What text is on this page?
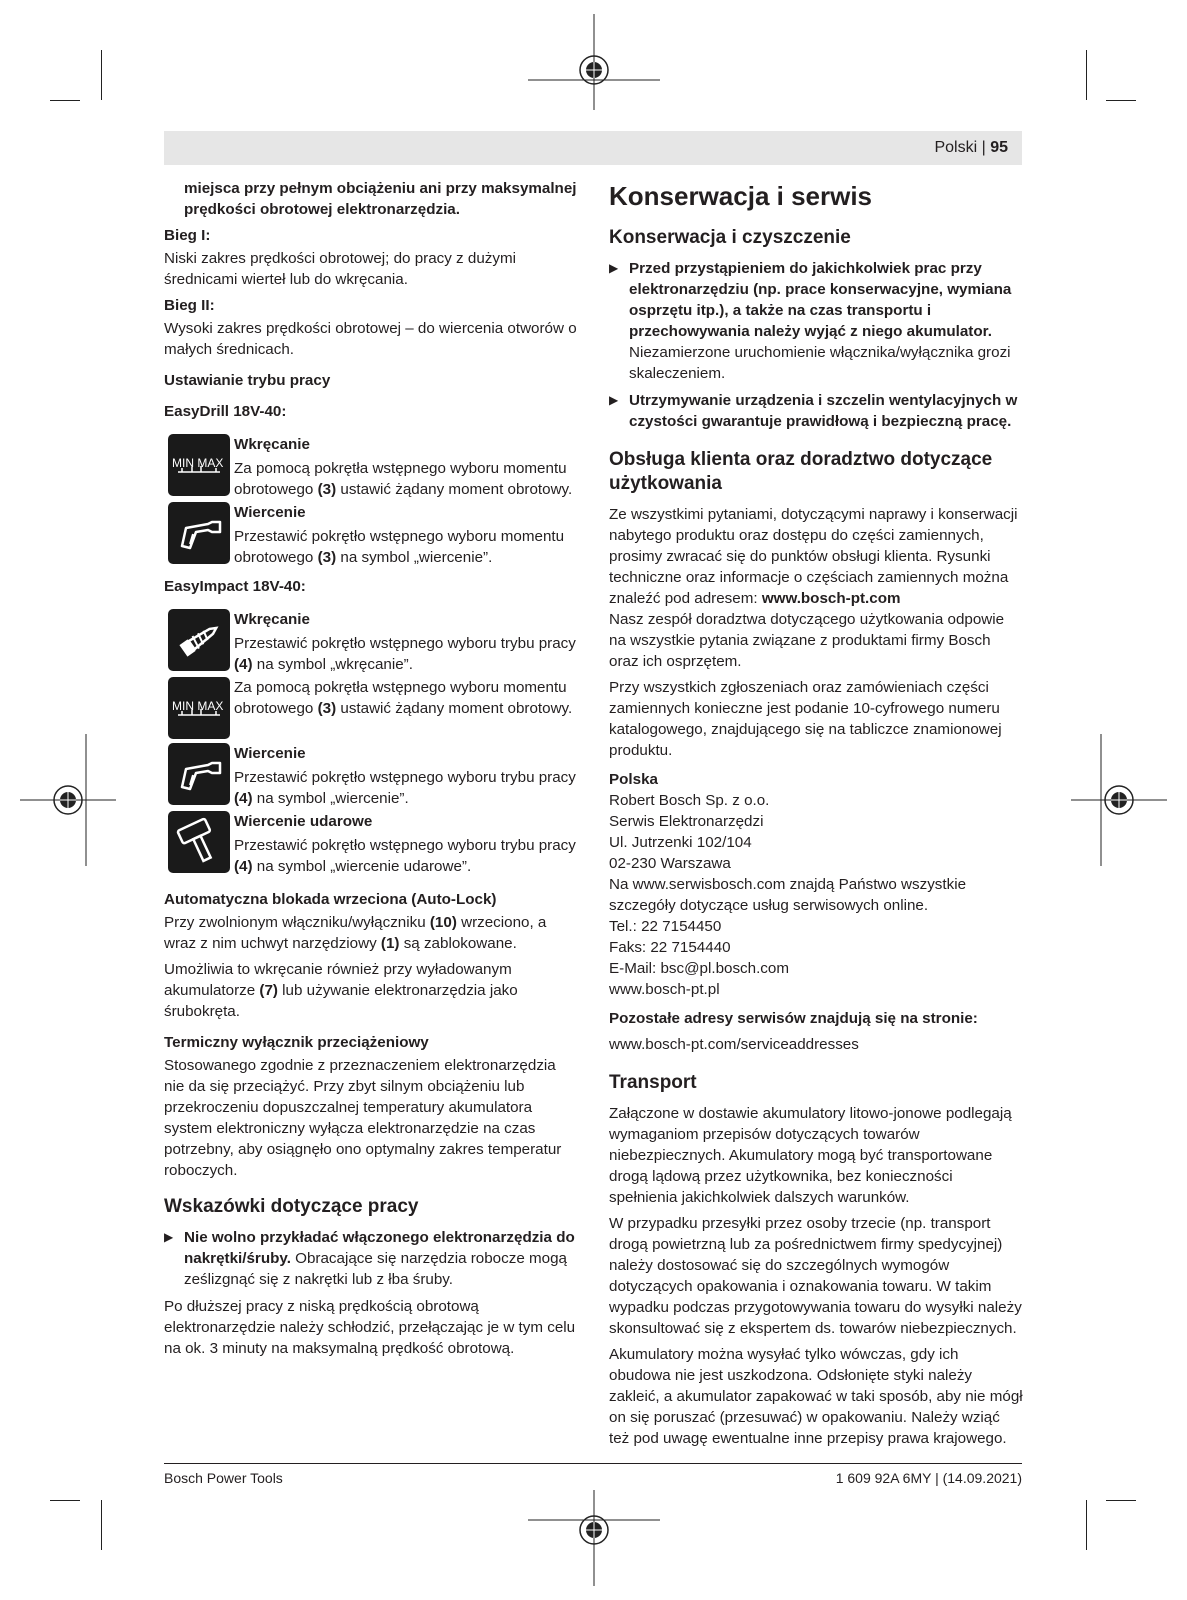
Polski | 95

miejsca przy pełnym obciążeniu ani przy maksymalnej prędkości obrotowej elektronarzędzia.

Bieg I:

Niski zakres prędkości obrotowej; do pracy z dużymi średnicami wierteł lub do wkręcania.

Bieg II:

Wysoki zakres prędkości obrotowej – do wiercenia otworów o małych średnicach.

Ustawianie trybu pracy

EasyDrill 18V-40:

MIN MAX
Wkręcanie
Za pomocą pokrętła wstępnego wyboru momentu obrotowego (3) ustawić żądany moment obrotowy.
Wiercenie
Przestawić pokrętło wstępnego wyboru momentu obrotowego (3) na symbol „wiercenie”.

EasyImpact 18V-40:

Wkręcanie
Przestawić pokrętło wstępnego wyboru trybu pracy (4) na symbol „wkręcanie”.
MIN MAX
Za pomocą pokrętła wstępnego wyboru momentu obrotowego (3) ustawić żądany moment obrotowy.
Wiercenie
Przestawić pokrętło wstępnego wyboru trybu pracy (4) na symbol „wiercenie”.
Wiercenie udarowe
Przestawić pokrętło wstępnego wyboru trybu pracy (4) na symbol „wiercenie udarowe”.

Automatyczna blokada wrzeciona (Auto-Lock)

Przy zwolnionym włączniku/wyłączniku (10) wrzeciono, a wraz z nim uchwyt narzędziowy (1) są zablokowane.

Umożliwia to wkręcanie również przy wyładowanym akumulatorze (7) lub używanie elektronarzędzia jako śrubokręta.

Termiczny wyłącznik przeciążeniowy

Stosowanego zgodnie z przeznaczeniem elektronarzędzia nie da się przeciążyć. Przy zbyt silnym obciążeniu lub przekroczeniu dopuszczalnej temperatury akumulatora system elektroniczny wyłącza elektronarzędzie na czas potrzebny, aby osiągnęło ono optymalny zakres temperatur roboczych.

Wskazówki dotyczące pracy

▶ Nie wolno przykładać włączonego elektronarzędzia do nakrętki/śruby. Obracające się narzędzia robocze mogą ześlizgnąć się z nakrętki lub z łba śruby.

Po dłuższej pracy z niską prędkością obrotową elektronarzędzie należy schłodzić, przełączając je w tym celu na ok. 3 minuty na maksymalną prędkość obrotową.

Konserwacja i serwis

Konserwacja i czyszczenie

▶ Przed przystąpieniem do jakichkolwiek prac przy elektronarzędziu (np. prace konserwacyjne, wymiana osprzętu itp.), a także na czas transportu i przechowywania należy wyjąć z niego akumulator. Niezamierzone uruchomienie włącznika/wyłącznika grozi skaleczeniem.
▶ Utrzymywanie urządzenia i szczelin wentylacyjnych w czystości gwarantuje prawidłową i bezpieczną pracę.

Obsługa klienta oraz doradztwo dotyczące użytkowania

Ze wszystkimi pytaniami, dotyczącymi naprawy i konserwacji nabytego produktu oraz dostępu do części zamiennych, prosimy zwracać się do punktów obsługi klienta. Rysunki techniczne oraz informacje o częściach zamiennych można znaleźć pod adresem: www.bosch-pt.com

Nasz zespół doradztwa dotyczącego użytkowania odpowie na wszystkie pytania związane z produktami firmy Bosch oraz ich osprzętem.

Przy wszystkich zgłoszeniach oraz zamówieniach części zamiennych konieczne jest podanie 10-cyfrowego numeru katalogowego, znajdującego się na tabliczce znamionowej produktu.

Polska

Robert Bosch Sp. z o.o.
Serwis Elektronarzędzi
Ul. Jutrzenki 102/104
02-230 Warszawa
Na www.serwisbosch.com znajdą Państwo wszystkie szczegóły dotyczące usług serwisowych online.
Tel.: 22 7154450
Faks: 22 7154440
E-Mail: bsc@pl.bosch.com
www.bosch-pt.pl

Pozostałe adresy serwisów znajdują się na stronie:

www.bosch-pt.com/serviceaddresses

Transport

Załączone w dostawie akumulatory litowo-jonowe podlegają wymaganiom przepisów dotyczących towarów niebezpiecznych. Akumulatory mogą być transportowane drogą lądową przez użytkownika, bez konieczności spełnienia jakichkolwiek dalszych warunków.

W przypadku przesyłki przez osoby trzecie (np. transport drogą powietrzną lub za pośrednictwem firmy spedycyjnej) należy dostosować się do szczególnych wymogów dotyczących opakowania i oznakowania towaru. W takim wypadku podczas przygotowywania towaru do wysyłki należy skonsultować się z ekspertem ds. towarów niebezpiecznych.

Akumulatory można wysyłać tylko wówczas, gdy ich obudowa nie jest uszkodzona. Odsłonięte styki należy zakleić, a akumulator zapakować w taki sposób, aby nie mógł on się poruszać (przesuwać) w opakowaniu. Należy wziąć też pod uwagę ewentualne inne przepisy prawa krajowego.

Bosch Power Tools	1 609 92A 6MY | (14.09.2021)
